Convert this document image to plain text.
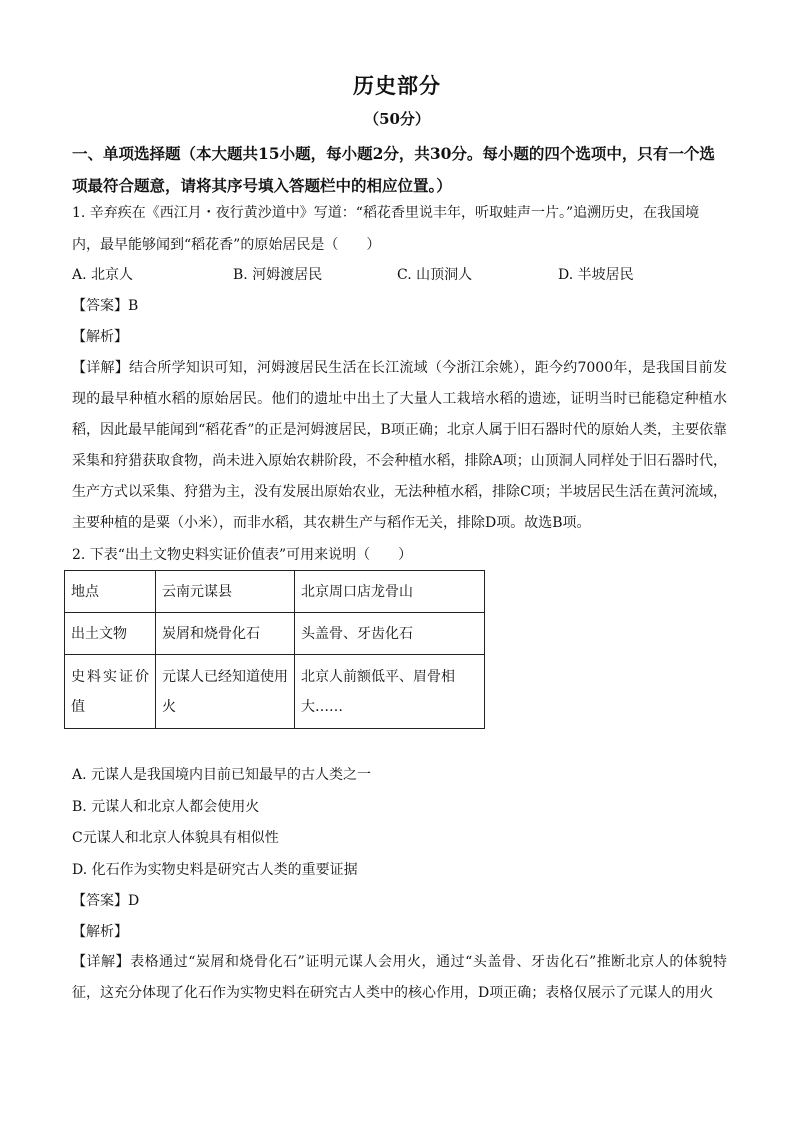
历史部分
（50分）
一、单项选择题（本大题共15小题，每小题2分，共30分。每小题的四个选项中，只有一个选项最符合题意，请将其序号填入答题栏中的相应位置。）
1. 辛弃疾在《西江月・夜行黄沙道中》写道：“稻花香里说丰年，听取蛙声一片。”追溯历史，在我国境
内，最早能够闻到“稻花香”的原始居民是（　　）
A. 北京人	B. 河姆渡居民	C. 山顶洞人	D. 半坡居民
【答案】B
【解析】
【详解】结合所学知识可知，河姆渡居民生活在长江流域（今浙江余姚），距今约7000年，是我国目前发现的最早种植水稻的原始居民。他们的遗址中出土了大量人工栽培水稻的遗迹，证明当时已能稳定种植水稻，因此最早能闻到“稻花香”的正是河姆渡居民，B项正确；北京人属于旧石器时代的原始人类，主要依靠采集和狩猎获取食物，尚未进入原始农耕阶段，不会种植水稻，排除A项；山顶洞人同样处于旧石器时代，生产方式以采集、狩猎为主，没有发展出原始农业，无法种植水稻，排除C项；半坡居民生活在黄河流域，主要种植的是粟（小米），而非水稻，其农耕生产与稻作无关，排除D项。故选B项。
2. 下表“出土文物史料实证价值表”可用来说明（　　）
地点	云南元谋县	北京周口店龙骨山
出土文物	炭屑和烧骨化石	头盖骨、牙齿化石
史料实证价值	元谋人已经知道使用火	北京人前额低平、眉骨相大……
A. 元谋人是我国境内目前已知最早的古人类之一
B. 元谋人和北京人都会使用火
C元谋人和北京人体貌具有相似性
D. 化石作为实物史料是研究古人类的重要证据
【答案】D
【解析】
【详解】表格通过“炭屑和烧骨化石”证明元谋人会用火，通过“头盖骨、牙齿化石”推断北京人的体貌特征，这充分体现了化石作为实物史料在研究古人类中的核心作用，D项正确；表格仅展示了元谋人的用火
